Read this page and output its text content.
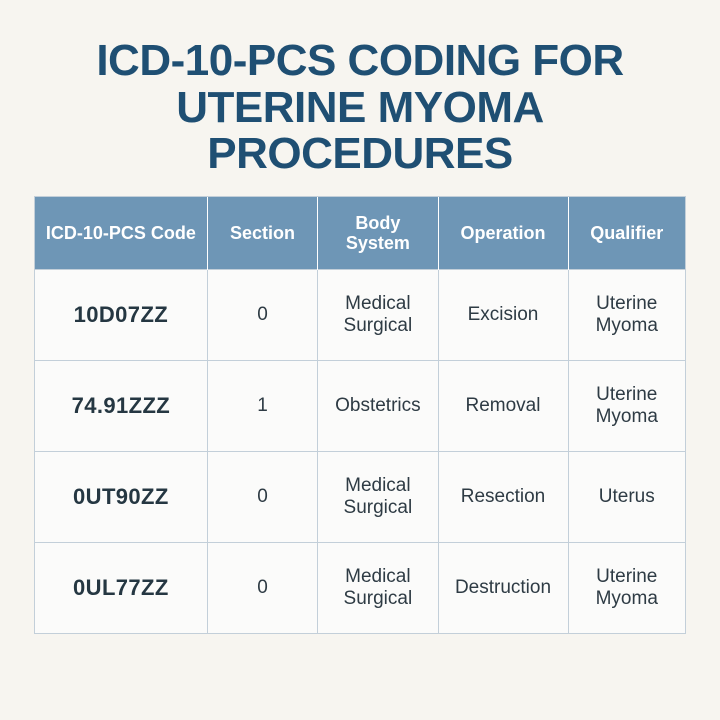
ICD-10-PCS CODING FOR
UTERINE MYOMA
PROCEDURES
ICD-10-PCS Code	Section	Body System	Operation	Qualifier
10D07ZZ	0	Medical Surgical	Excision	Uterine Myoma
74.91ZZZ	1	Obstetrics	Removal	Uterine Myoma
0UT90ZZ	0	Medical Surgical	Resection	Uterus
0UL77ZZ	0	Medical Surgical	Destruction	Uterine Myoma
